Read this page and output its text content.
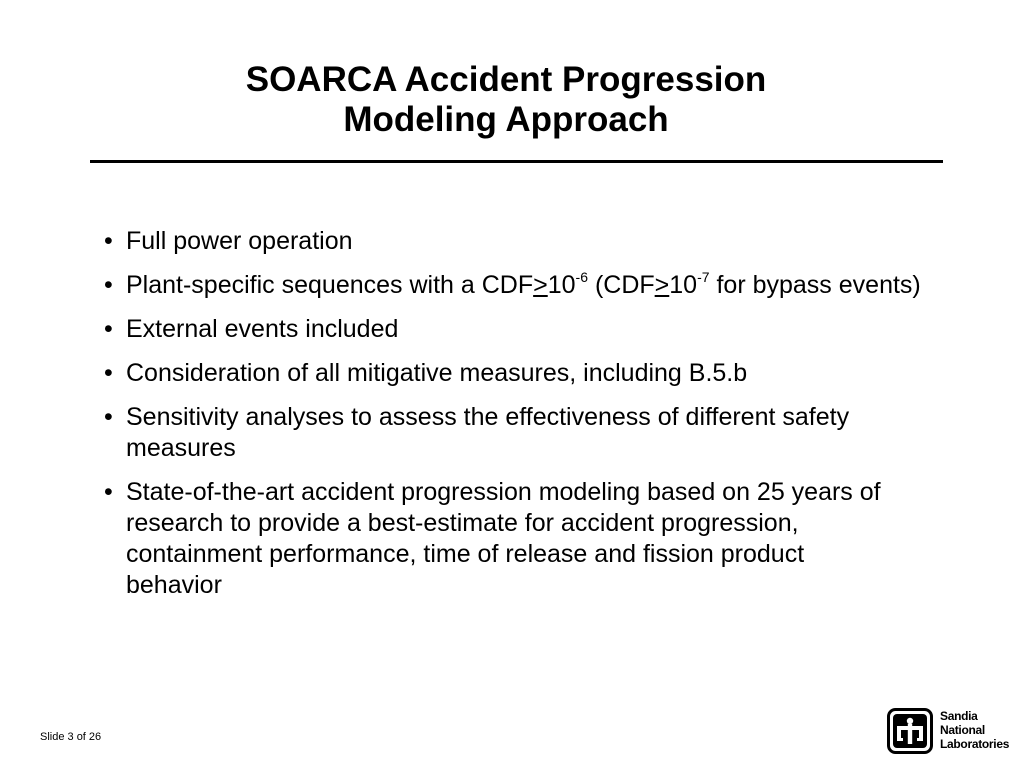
SOARCA Accident Progression
Modeling Approach
• Full power operation
• Plant-specific sequences with a $CDF\ge 10^{-6}$ ($CDF\ge 10^{-7}$ for bypass events)
• External events included
• Consideration of all mitigative measures, including B.5.b
• Sensitivity analyses to assess the effectiveness of different safety measures
• State-of-the-art accident progression modeling based on 25 years of research to provide a best-estimate for accident progression, containment performance, time of release and fission product behavior
Slide 3 of 26
Sandia
National
Laboratories
